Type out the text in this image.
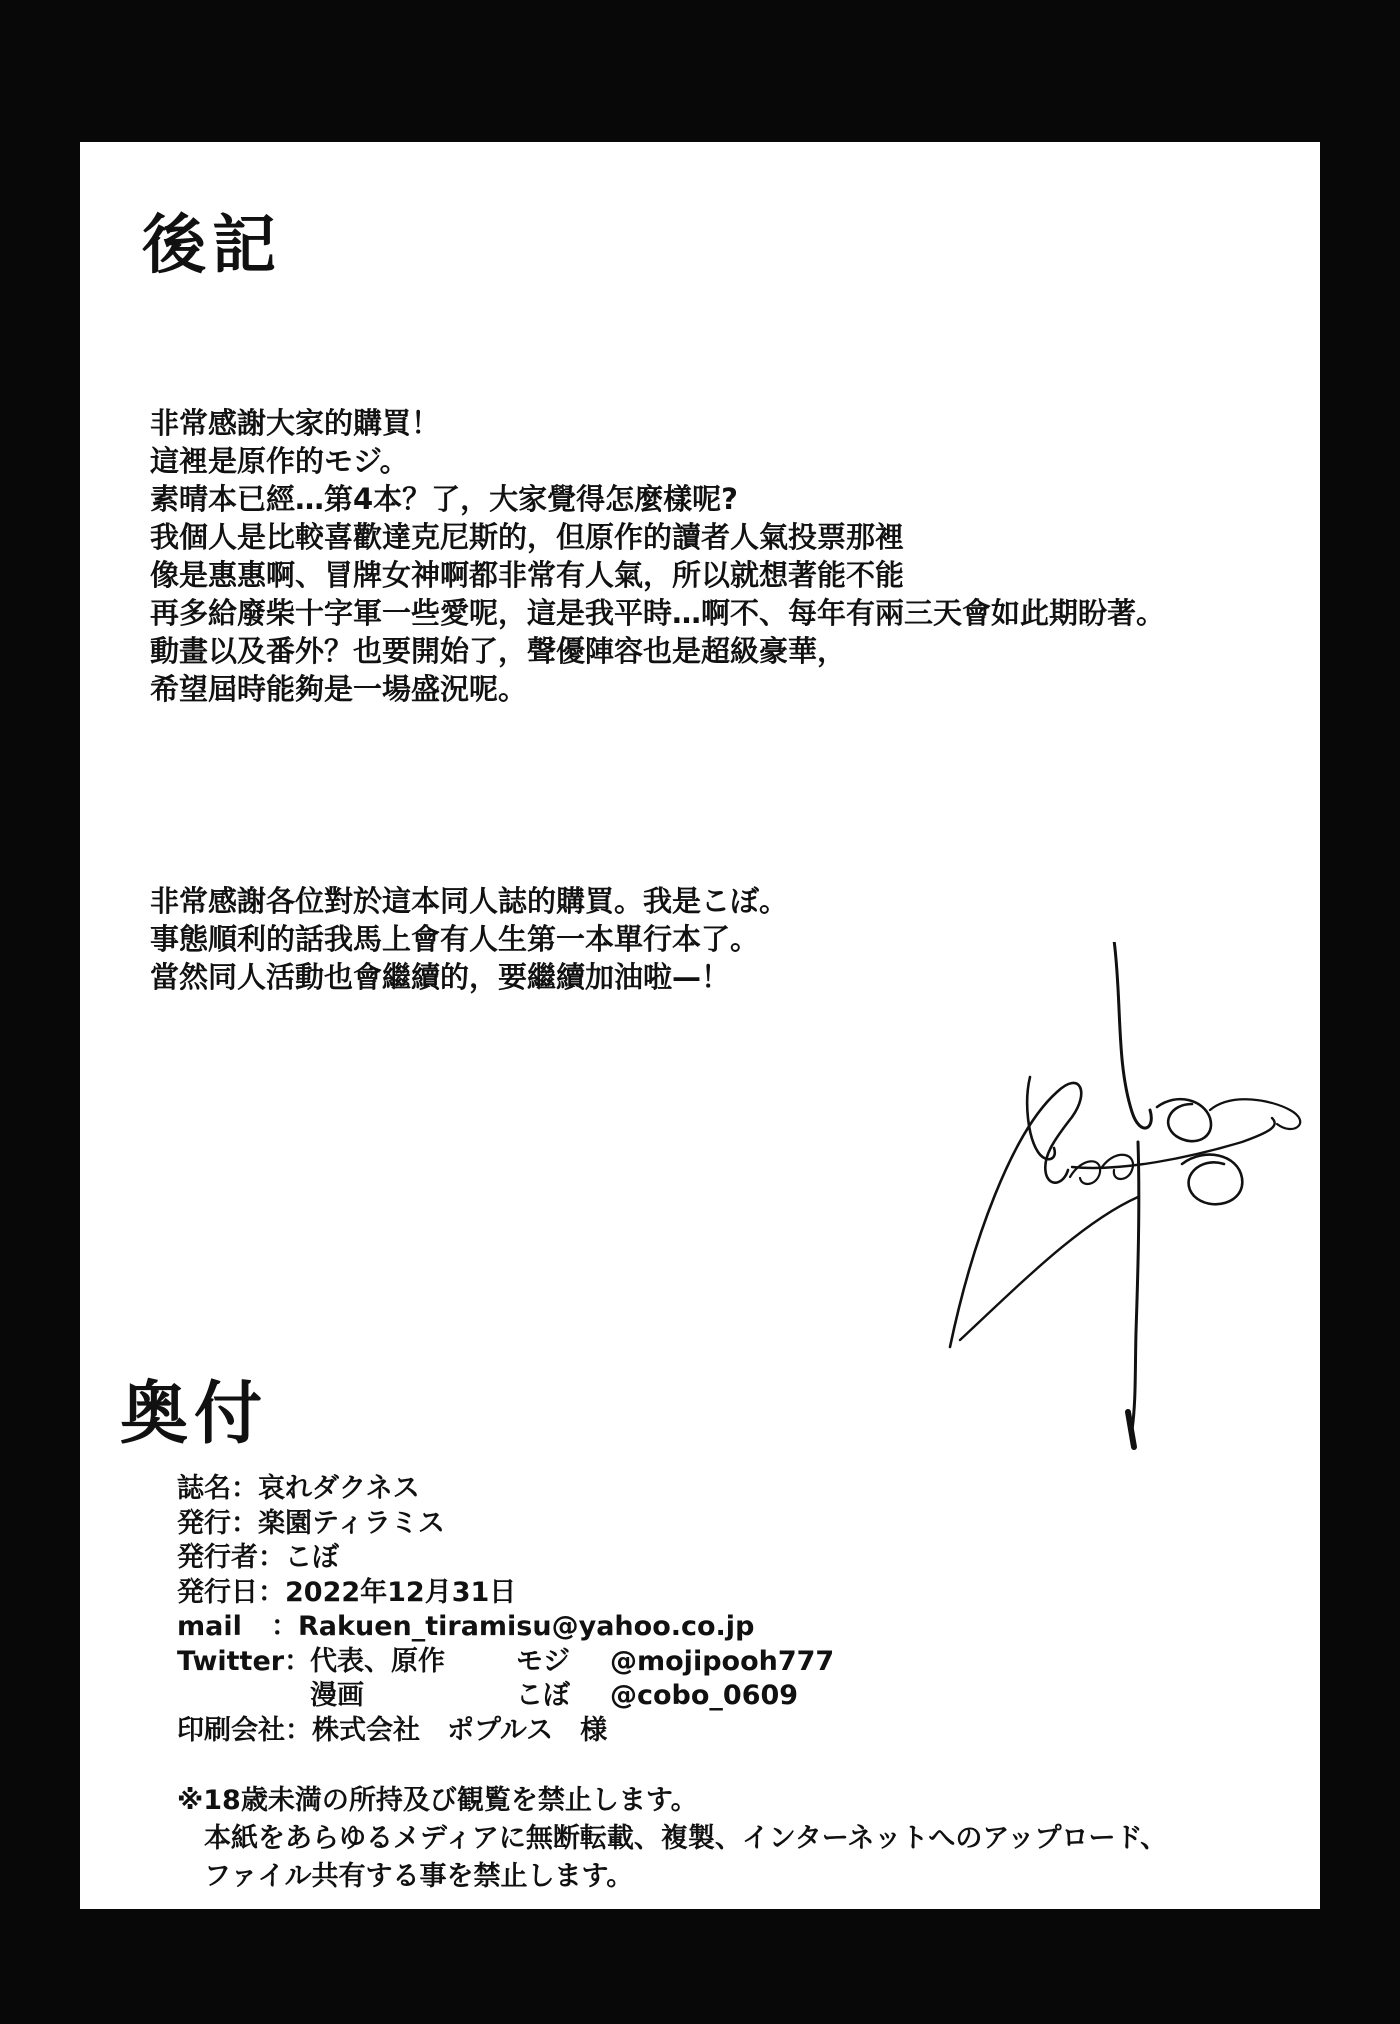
後記
非常感謝大家的購買！
這裡是原作的モジ。
素晴本已經…第4本？了，大家覺得怎麼樣呢?
我個人是比較喜歡達克尼斯的，但原作的讀者人氣投票那裡
像是惠惠啊、冒牌女神啊都非常有人氣，所以就想著能不能
再多給廢柴十字軍一些愛呢，這是我平時…啊不、每年有兩三天會如此期盼著。
動畫以及番外？也要開始了，聲優陣容也是超級豪華，
希望屆時能夠是一場盛況呢。
非常感謝各位對於這本同人誌的購買。我是こぼ。
事態順利的話我馬上會有人生第一本單行本了。
當然同人活動也會繼續的，要繼續加油啦—！
奥付
誌名： 哀れダクネス
発行： 楽園ティラミス
発行者： こぼ
発行日： 2022年12月31日
mail	： Rakuen_tiramisu@yahoo.co.jp
Twitter：
代表、原作	モジ	@mojipooh777
漫画	こぼ	@cobo_0609
印刷会社： 株式会社　ポプルス　様
※18歳未満の所持及び観覧を禁止します。
本紙をあらゆるメディアに無断転載、複製、インターネットへのアップロード、
ファイル共有する事を禁止します。
